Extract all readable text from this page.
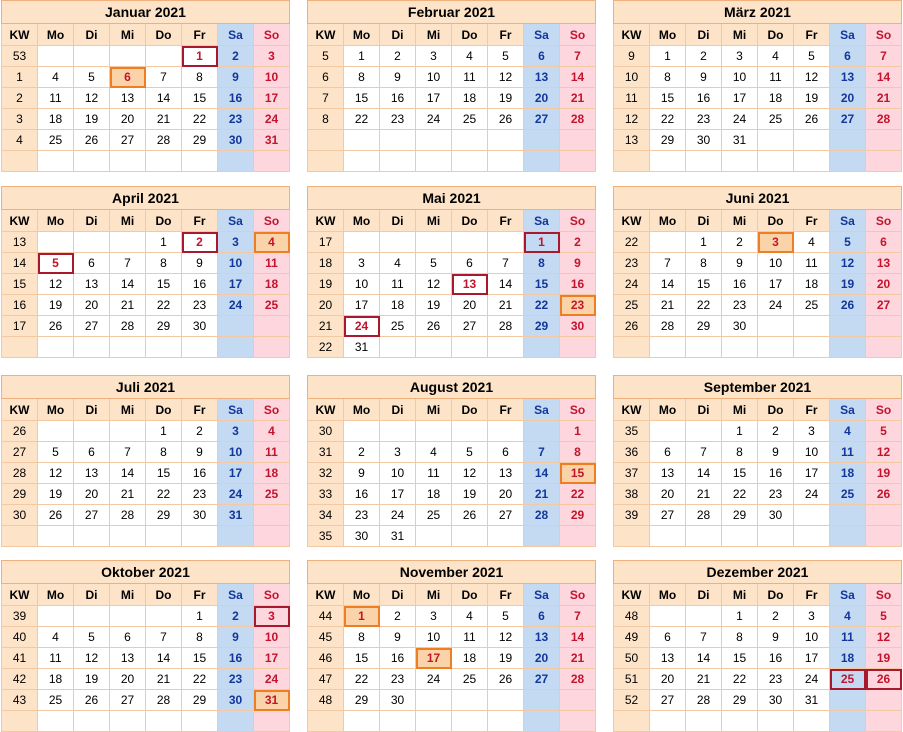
Januar 2021							
KW	Mo	Di	Mi	Do	Fr	Sa	So
53					1	2	3
1	4	5	6	7	8	9	10
2	11	12	13	14	15	16	17
3	18	19	20	21	22	23	24
4	25	26	27	28	29	30	31

Februar 2021							
KW	Mo	Di	Mi	Do	Fr	Sa	So
5	1	2	3	4	5	6	7
6	8	9	10	11	12	13	14
7	15	16	17	18	19	20	21
8	22	23	24	25	26	27	28

März 2021							
KW	Mo	Di	Mi	Do	Fr	Sa	So
9	1	2	3	4	5	6	7
10	8	9	10	11	12	13	14
11	15	16	17	18	19	20	21
12	22	23	24	25	26	27	28
13	29	30	31				

April 2021							
KW	Mo	Di	Mi	Do	Fr	Sa	So
13				1	2	3	4
14	5	6	7	8	9	10	11
15	12	13	14	15	16	17	18
16	19	20	21	22	23	24	25
17	26	27	28	29	30		

Mai 2021							
KW	Mo	Di	Mi	Do	Fr	Sa	So
17						1	2
18	3	4	5	6	7	8	9
19	10	11	12	13	14	15	16
20	17	18	19	20	21	22	23
21	24	25	26	27	28	29	30
22	31						
Juni 2021							
KW	Mo	Di	Mi	Do	Fr	Sa	So
22		1	2	3	4	5	6
23	7	8	9	10	11	12	13
24	14	15	16	17	18	19	20
25	21	22	23	24	25	26	27
26	28	29	30				

Juli 2021							
KW	Mo	Di	Mi	Do	Fr	Sa	So
26				1	2	3	4
27	5	6	7	8	9	10	11
28	12	13	14	15	16	17	18
29	19	20	21	22	23	24	25
30	26	27	28	29	30	31	

August 2021							
KW	Mo	Di	Mi	Do	Fr	Sa	So
30							1
31	2	3	4	5	6	7	8
32	9	10	11	12	13	14	15
33	16	17	18	19	20	21	22
34	23	24	25	26	27	28	29
35	30	31					
September 2021							
KW	Mo	Di	Mi	Do	Fr	Sa	So
35			1	2	3	4	5
36	6	7	8	9	10	11	12
37	13	14	15	16	17	18	19
38	20	21	22	23	24	25	26
39	27	28	29	30			

Oktober 2021							
KW	Mo	Di	Mi	Do	Fr	Sa	So
39					1	2	3
40	4	5	6	7	8	9	10
41	11	12	13	14	15	16	17
42	18	19	20	21	22	23	24
43	25	26	27	28	29	30	31

November 2021							
KW	Mo	Di	Mi	Do	Fr	Sa	So
44	1	2	3	4	5	6	7
45	8	9	10	11	12	13	14
46	15	16	17	18	19	20	21
47	22	23	24	25	26	27	28
48	29	30					

Dezember 2021							
KW	Mo	Di	Mi	Do	Fr	Sa	So
48			1	2	3	4	5
49	6	7	8	9	10	11	12
50	13	14	15	16	17	18	19
51	20	21	22	23	24	25	26
52	27	28	29	30	31		
